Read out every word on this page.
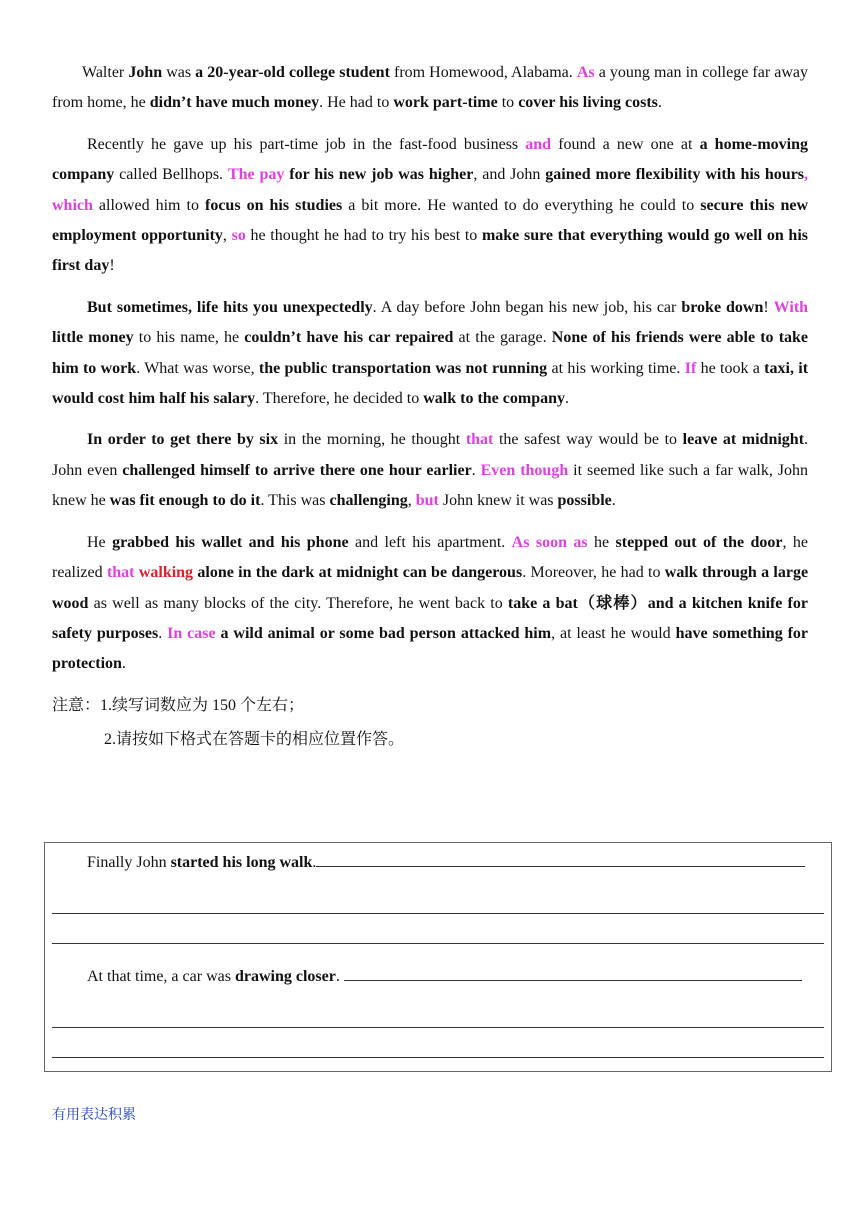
Walter John was a 20-year-old college student from Homewood, Alabama. As a young man in college far away from home, he didn’t have much money. He had to work part-time to cover his living costs.

Recently he gave up his part-time job in the fast-food business and found a new one at a home-moving company called Bellhops. The pay for his new job was higher, and John gained more flexibility with his hours, which allowed him to focus on his studies a bit more. He wanted to do everything he could to secure this new employment opportunity, so he thought he had to try his best to make sure that everything would go well on his first day!

But sometimes, life hits you unexpectedly. A day before John began his new job, his car broke down! With little money to his name, he couldn’t have his car repaired at the garage. None of his friends were able to take him to work. What was worse, the public transportation was not running at his working time. If he took a taxi, it would cost him half his salary. Therefore, he decided to walk to the company.

In order to get there by six in the morning, he thought that the safest way would be to leave at midnight. John even challenged himself to arrive there one hour earlier. Even though it seemed like such a far walk, John knew he was fit enough to do it. This was challenging, but John knew it was possible.

He grabbed his wallet and his phone and left his apartment. As soon as he stepped out of the door, he realized that walking alone in the dark at midnight can be dangerous. Moreover, he had to walk through a large wood as well as many blocks of the city. Therefore, he went back to take a bat（球棒）and a kitchen knife for safety purposes. In case a wild animal or some bad person attacked him, at least he would have something for protection.

注意：1.续写词数应为 150 个左右；

2.请按如下格式在答题卡的相应位置作答。

Finally John started his long walk.
At that time, a car was drawing closer.
有用表达积累
